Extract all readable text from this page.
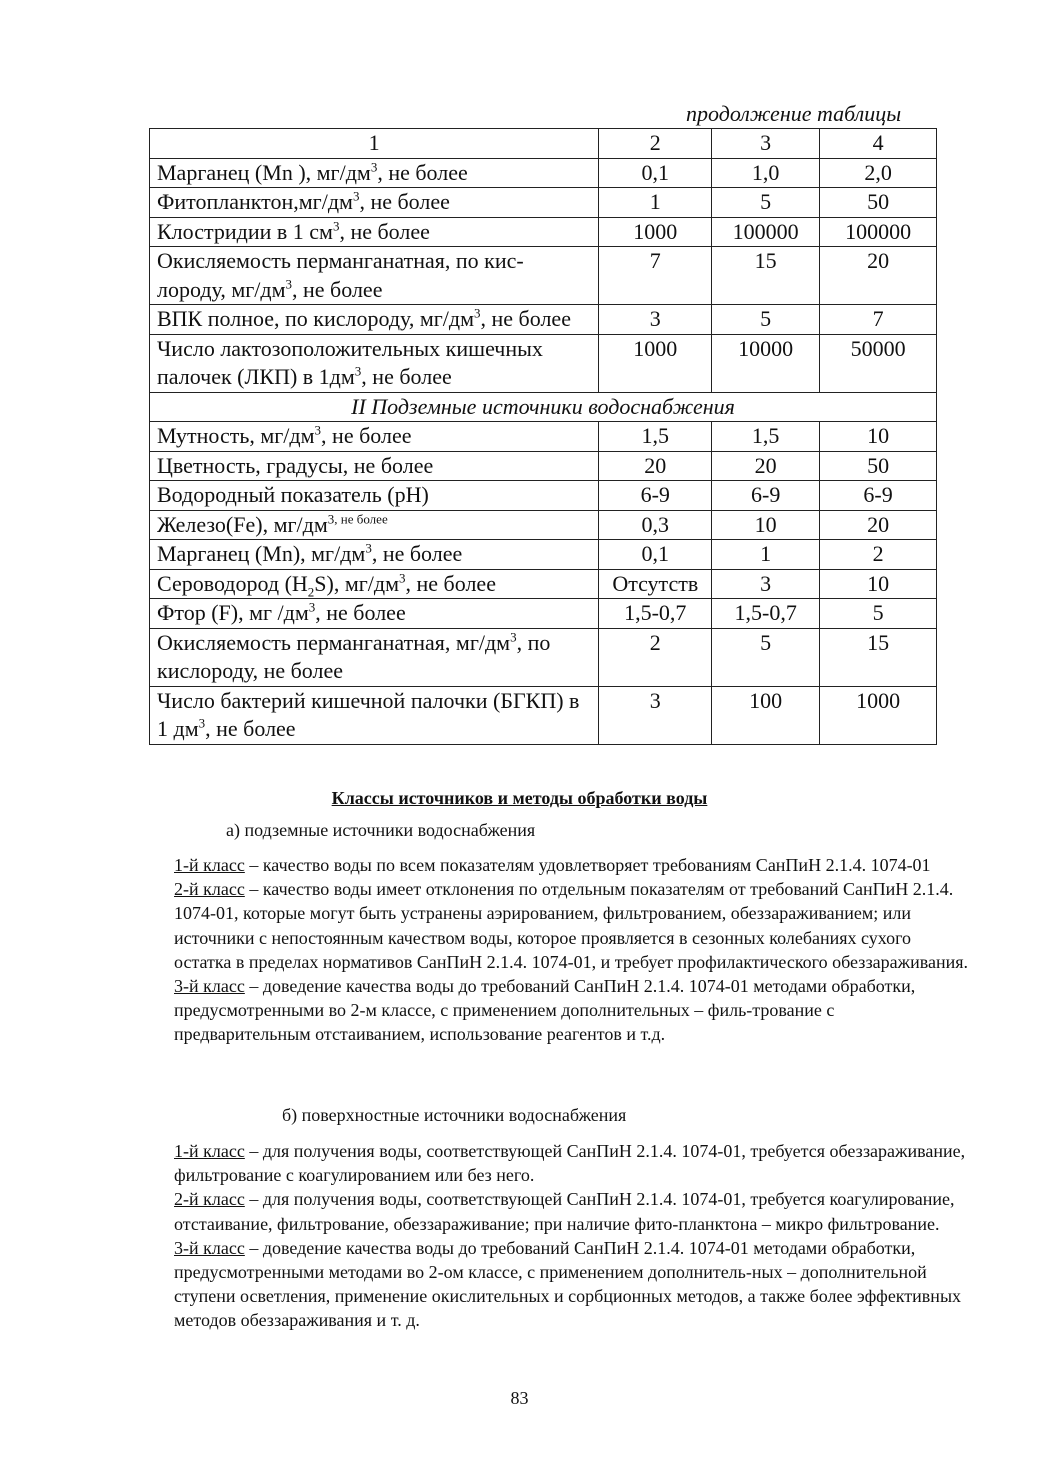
продолжение таблицы
1	2	3	4
Марганец (Mn ), $мг/дм^3$, не более	0,1	1,0	2,0
$Фитопланктон,мг/дм^3$, не более	1	5	50
Клостридии в 1 $см^3$, не более	1000	100000	100000
Окисляемость перманганатная, по кис-лороду, $мг/дм^3$, не более	7	15	20
ВПК полное, по кислороду, $мг/дм^3$, не более	3	5	7
Число лактозоположительных кишечных палочек (ЛКП) в $1дм^3$, не более	1000	10000	50000
II Подземные источники водоснабжения			
Мутность, $мг/дм^3$, не более	1,5	1,5	10
Цветность, градусы, не более	20	20	50
Водородный показатель (pH)	6-9	6-9	6-9
Железо(Fe), мг/дм$^{3, не более}$	0,3	10	20
Марганец (Mn), $мг/дм^3$, не более	0,1	1	2
Сероводород $(H_2S)$, $мг/дм^3$, не более	Отсутств	3	10
Фтор (F), мг $/дм^3$, не более	1,5-0,7	1,5-0,7	5
Окисляемость перманганатная, $мг/дм^3$, по кислороду, не более	2	5	15
Число бактерий кишечной палочки (БГКП) в 1 $дм^3$, не более	3	100	1000
Классы источников и методы обработки воды
а) подземные источники водоснабжения

1-й класс – качество воды по всем показателям удовлетворяет требованиям СанПиН 2.1.4. 1074-01

2-й класс – качество воды имеет отклонения по отдельным показателям от требований СанПиН 2.1.4. 1074-01, которые могут быть устранены аэрированием, фильтрованием, обеззараживанием; или источники с непостоянным качеством воды, которое проявляется в сезонных колебаниях сухого остатка в пределах нормативов СанПиН 2.1.4. 1074-01, и требует профилактического обеззараживания.

3-й класс – доведение качества воды до требований СанПиН 2.1.4. 1074-01 методами обработки, предусмотренными во 2-м классе, с применением дополнительных – филь-трование с предварительным отстаиванием, использование реагентов и т.д.

б) поверхностные источники водоснабжения

1-й класс – для получения воды, соответствующей СанПиН 2.1.4. 1074-01, требуется обеззараживание, фильтрование с коагулированием или без него.

2-й класс – для получения воды, соответствующей СанПиН 2.1.4. 1074-01, требуется коагулирование, отстаивание, фильтрование, обеззараживание; при наличие фито-планктона – микро фильтрование.

3-й класс – доведение качества воды до требований СанПиН 2.1.4. 1074-01 методами обработки, предусмотренными методами во 2-ом классе, с применением дополнитель-ных – дополнительной ступени осветления, применение окислительных и сорбционных методов, а также более эффективных методов обеззараживания и т. д.

83
